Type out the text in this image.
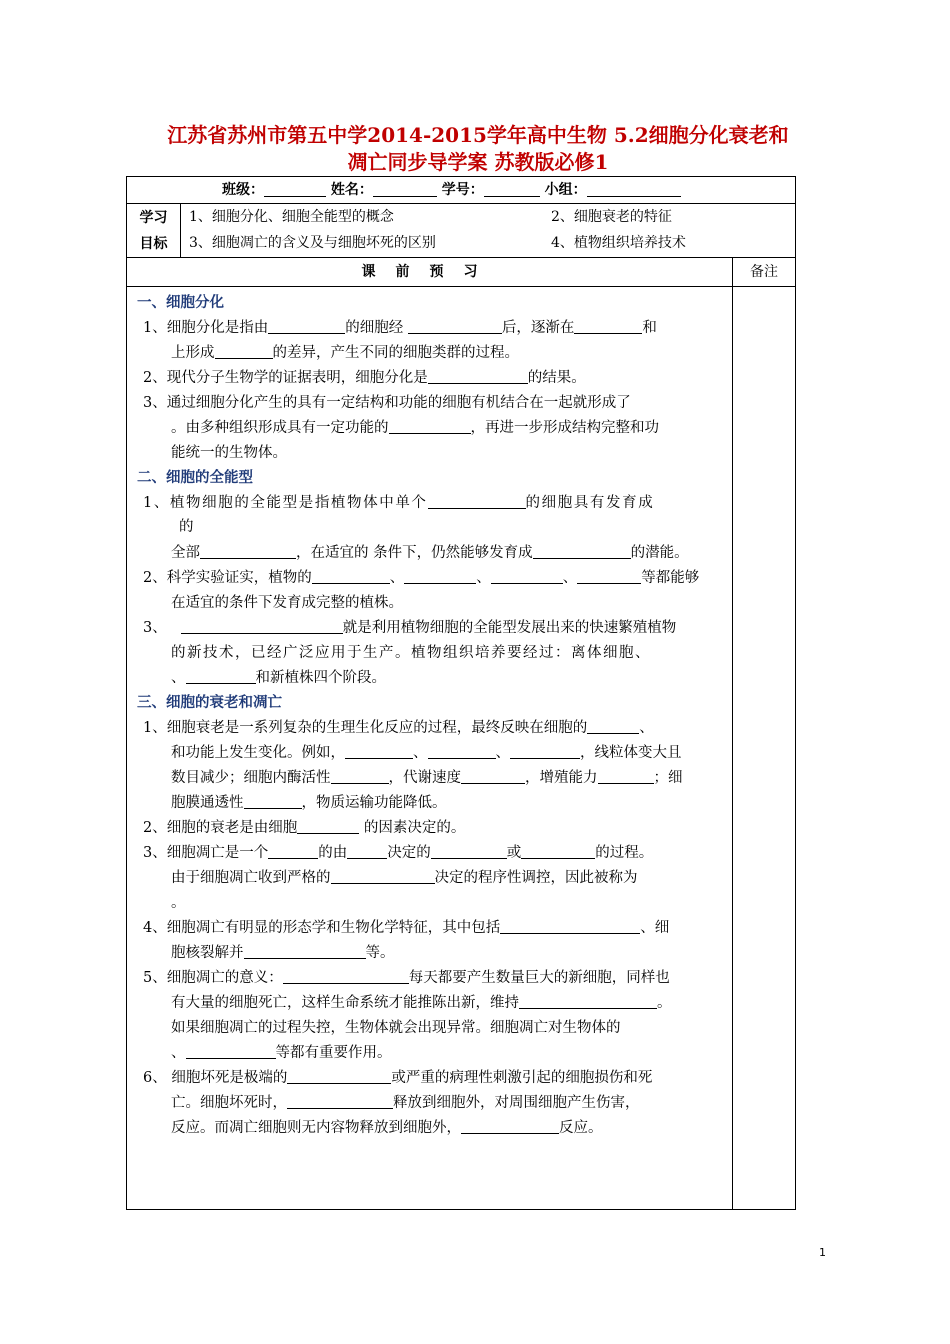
江苏省苏州市第五中学2014-2015学年高中生物 5.2细胞分化衰老和
凋亡同步导学案 苏教版必修1
班级：	姓名：	学号：	小组：
学习
目标
1、细胞分化、细胞全能型的概念	2、细胞衰老的特征
3、细胞凋亡的含义及与细胞坏死的区别	4、植物组织培养技术
课前预习	备注
一、细胞分化
1、细胞分化是指由	的细胞经	后，逐渐在	和
上形成	的差异，产生不同的细胞类群的过程。
2、现代分子生物学的证据表明，细胞分化是	的结果。
3、通过细胞分化产生的具有一定结构和功能的细胞有机结合在一起就形成了
。由多种组织形成具有一定功能的	，再进一步形成结构完整和功
能统一的生物体。
二、细胞的全能型
1、植物细胞的全能型是指植物体中单个	的细胞具有发育成
的
全部	，在适宜的 条件下，仍然能够发育成	的潜能。
2、科学实验证实，植物的	、	、	、	等都能够
在适宜的条件下发育成完整的植株。
3、	就是利用植物细胞的全能型发展出来的快速繁殖植物
的新技术，已经广泛应用于生产。植物组织培养要经过：离体细胞、
、	和新植株四个阶段。
三、细胞的衰老和凋亡
1、细胞衰老是一系列复杂的生理生化反应的过程，最终反映在细胞的	、
和功能上发生变化。例如，	、	、	，线粒体变大且
数目减少；细胞内酶活性	，代谢速度	，增殖能力	；细
胞膜通透性	，物质运输功能降低。
2、细胞的衰老是由细胞	的因素决定的。
3、细胞凋亡是一个	的由	决定的	或	的过程。
由于细胞凋亡收到严格的	决定的程序性调控，因此被称为
。
4、细胞凋亡有明显的形态学和生物化学特征，其中包括	、细
胞核裂解并	等。
5、细胞凋亡的意义：	每天都要产生数量巨大的新细胞，同样也
有大量的细胞死亡，这样生命系统才能推陈出新，维持	。
如果细胞凋亡的过程失控，生物体就会出现异常。细胞凋亡对生物体的
、	等都有重要作用。
6、 细胞坏死是极端的	或严重的病理性刺激引起的细胞损伤和死
亡。细胞坏死时，	释放到细胞外，对周围细胞产生伤害，
反应。而凋亡细胞则无内容物释放到细胞外，	反应。
1
